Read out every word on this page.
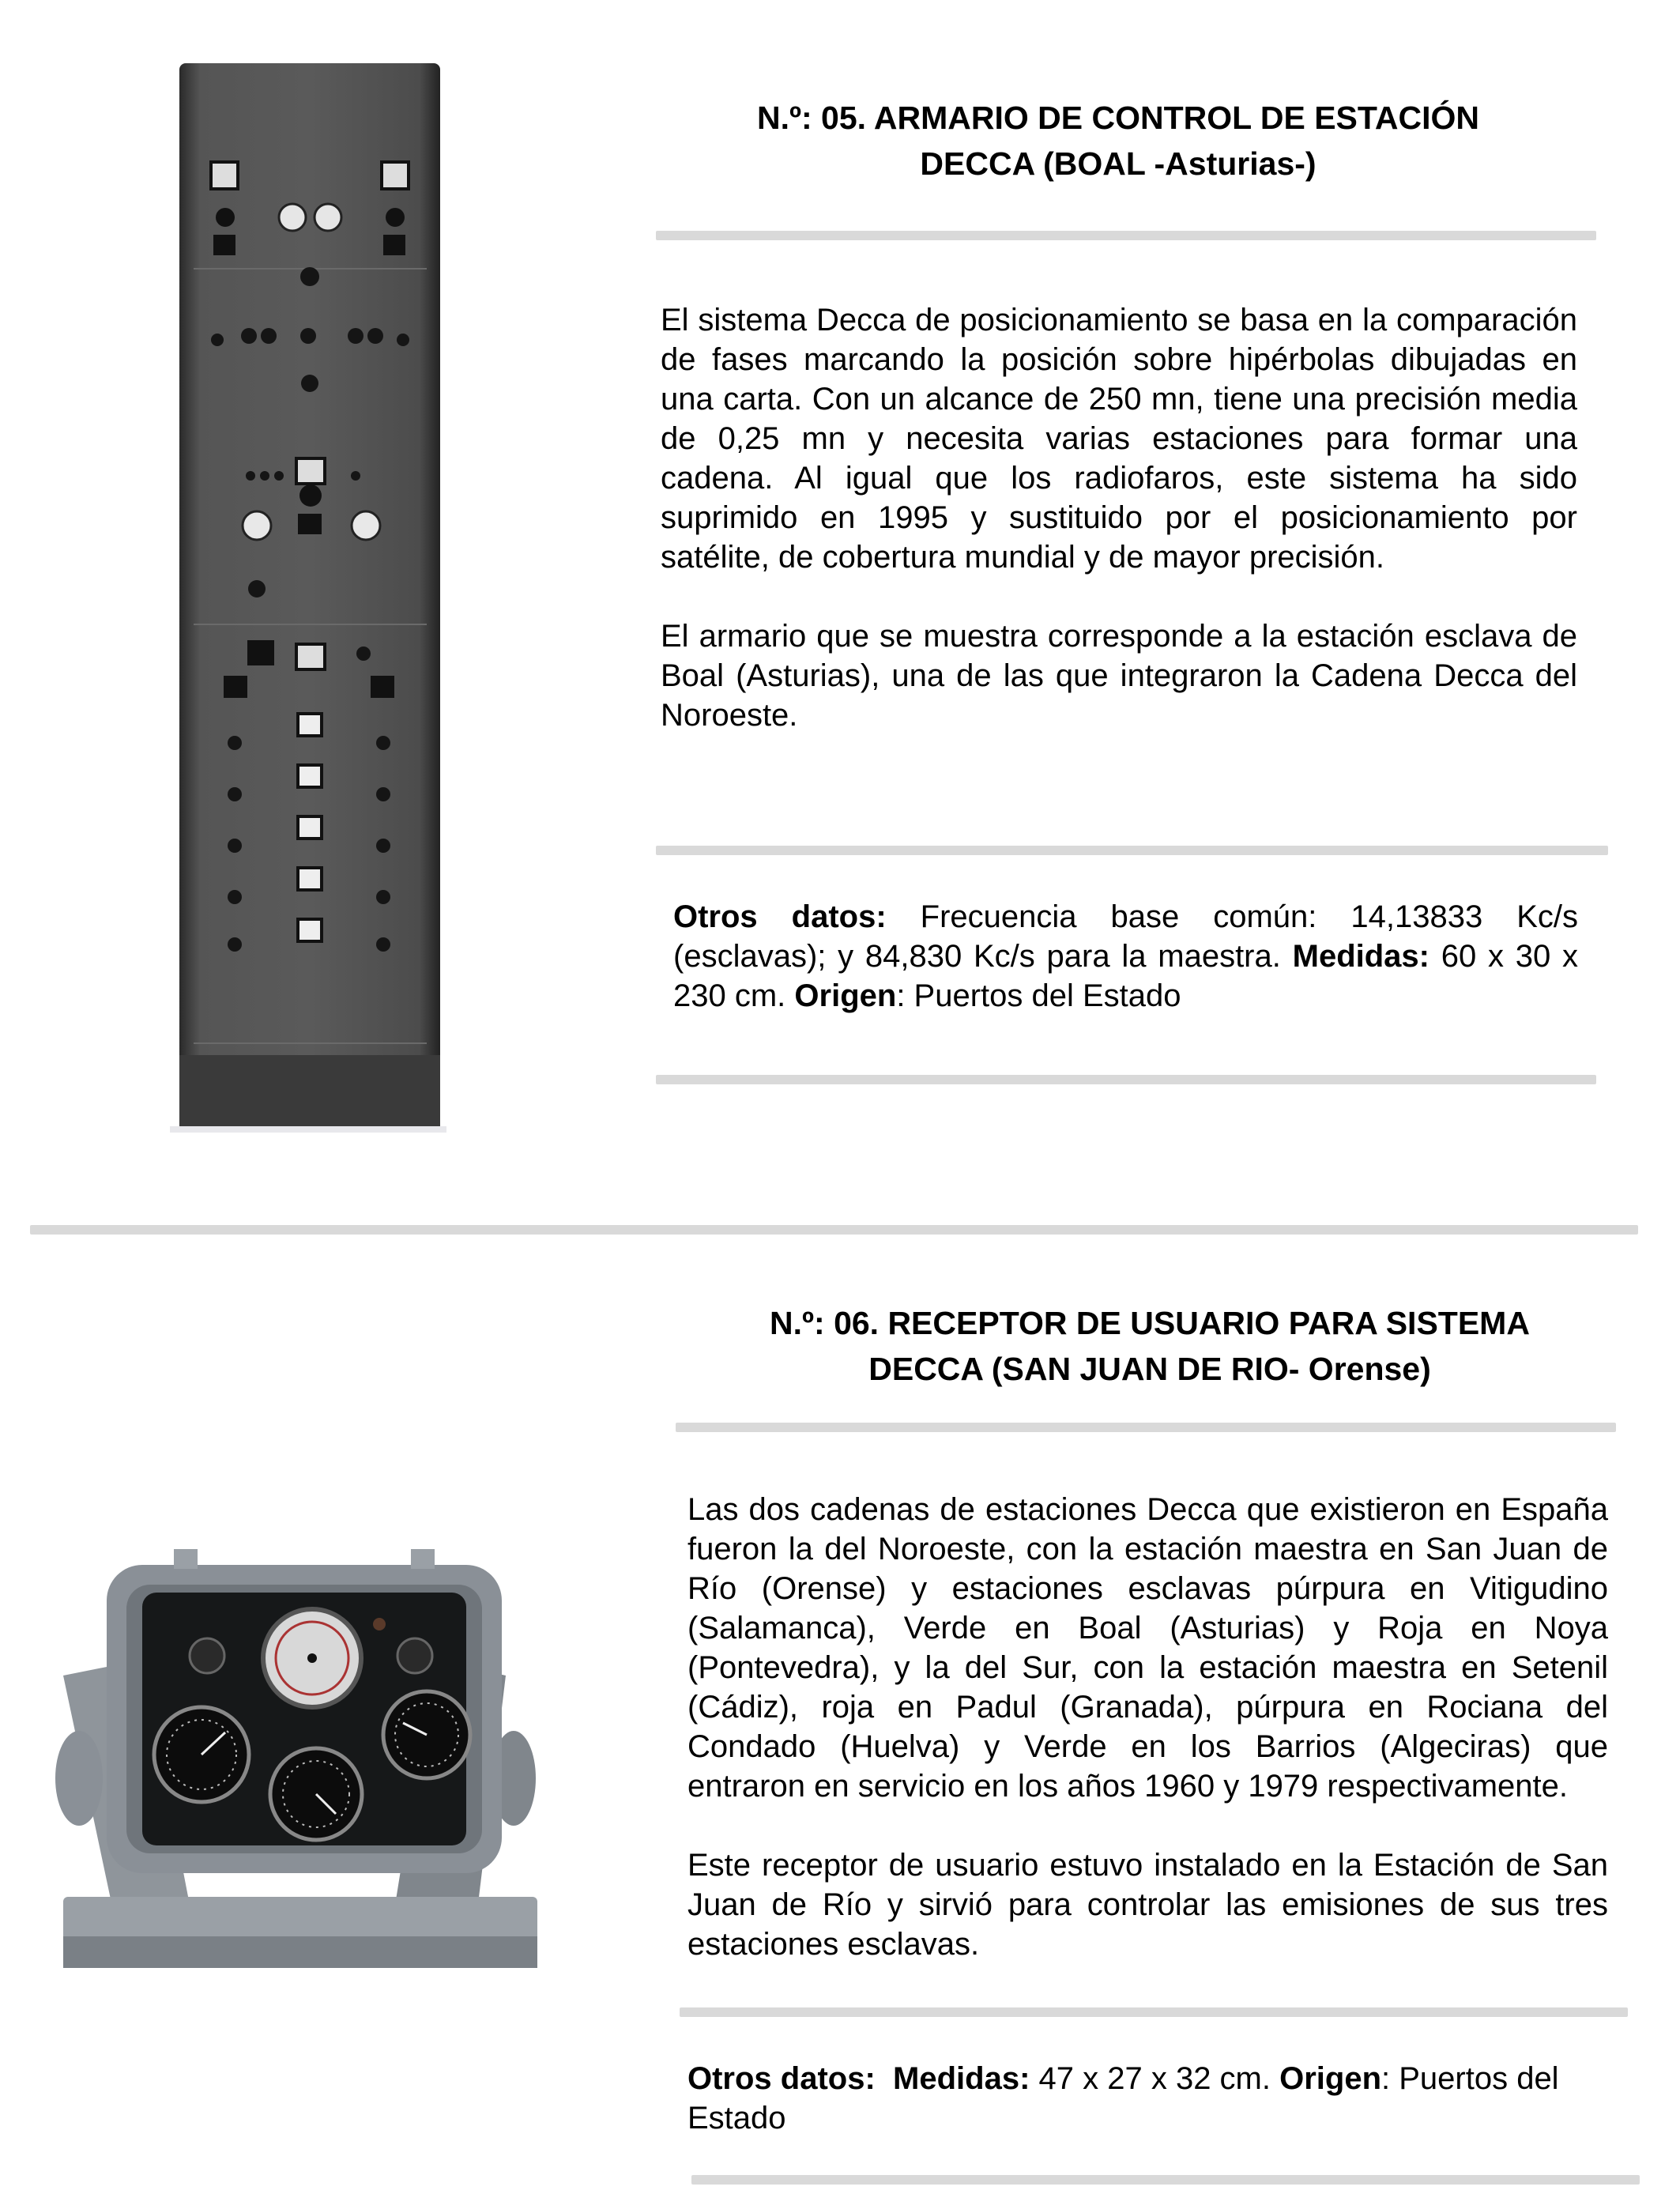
N.º: 05. ARMARIO DE CONTROL DE ESTACIÓN
DECCA (BOAL -Asturias-)

El sistema Decca de posicionamiento se basa en la comparación de fases marcando la posición sobre hipérbolas dibujadas en una carta. Con un alcance de 250 mn, tiene una precisión media de 0,25 mn y necesita varias estaciones para formar una cadena. Al igual que los radiofaros, este sistema ha sido suprimido en 1995 y sustituido por el posicionamiento por satélite, de cobertura mundial y de mayor precisión.

El armario que se muestra corresponde a la estación esclava de Boal (Asturias), una de las que integraron la Cadena Decca del Noroeste.

Otros datos: Frecuencia base común: 14,13833 Kc/s (esclavas); y 84,830 Kc/s para la maestra. Medidas: 60 x 30 x 230 cm. Origen: Puertos del Estado

N.º: 06. RECEPTOR DE USUARIO PARA SISTEMA
DECCA (SAN JUAN DE RIO- Orense)

Las dos cadenas de estaciones Decca que existieron en España fueron la del Noroeste, con la estación maestra en San Juan de Río (Orense) y estaciones esclavas púrpura en Vitigudino (Salamanca), Verde en Boal (Asturias) y Roja en Noya (Pontevedra), y la del Sur, con la estación maestra en Setenil (Cádiz), roja en Padul (Granada), púrpura en Rociana del Condado (Huelva) y Verde en los Barrios (Algeciras) que entraron en servicio en los años 1960 y 1979 respectivamente.

Este receptor de usuario estuvo instalado en la Estación de San Juan de Río y sirvió para controlar las emisiones de sus tres estaciones esclavas.

Otros datos: Medidas: 47 x 27 x 32 cm. Origen: Puertos del Estado
